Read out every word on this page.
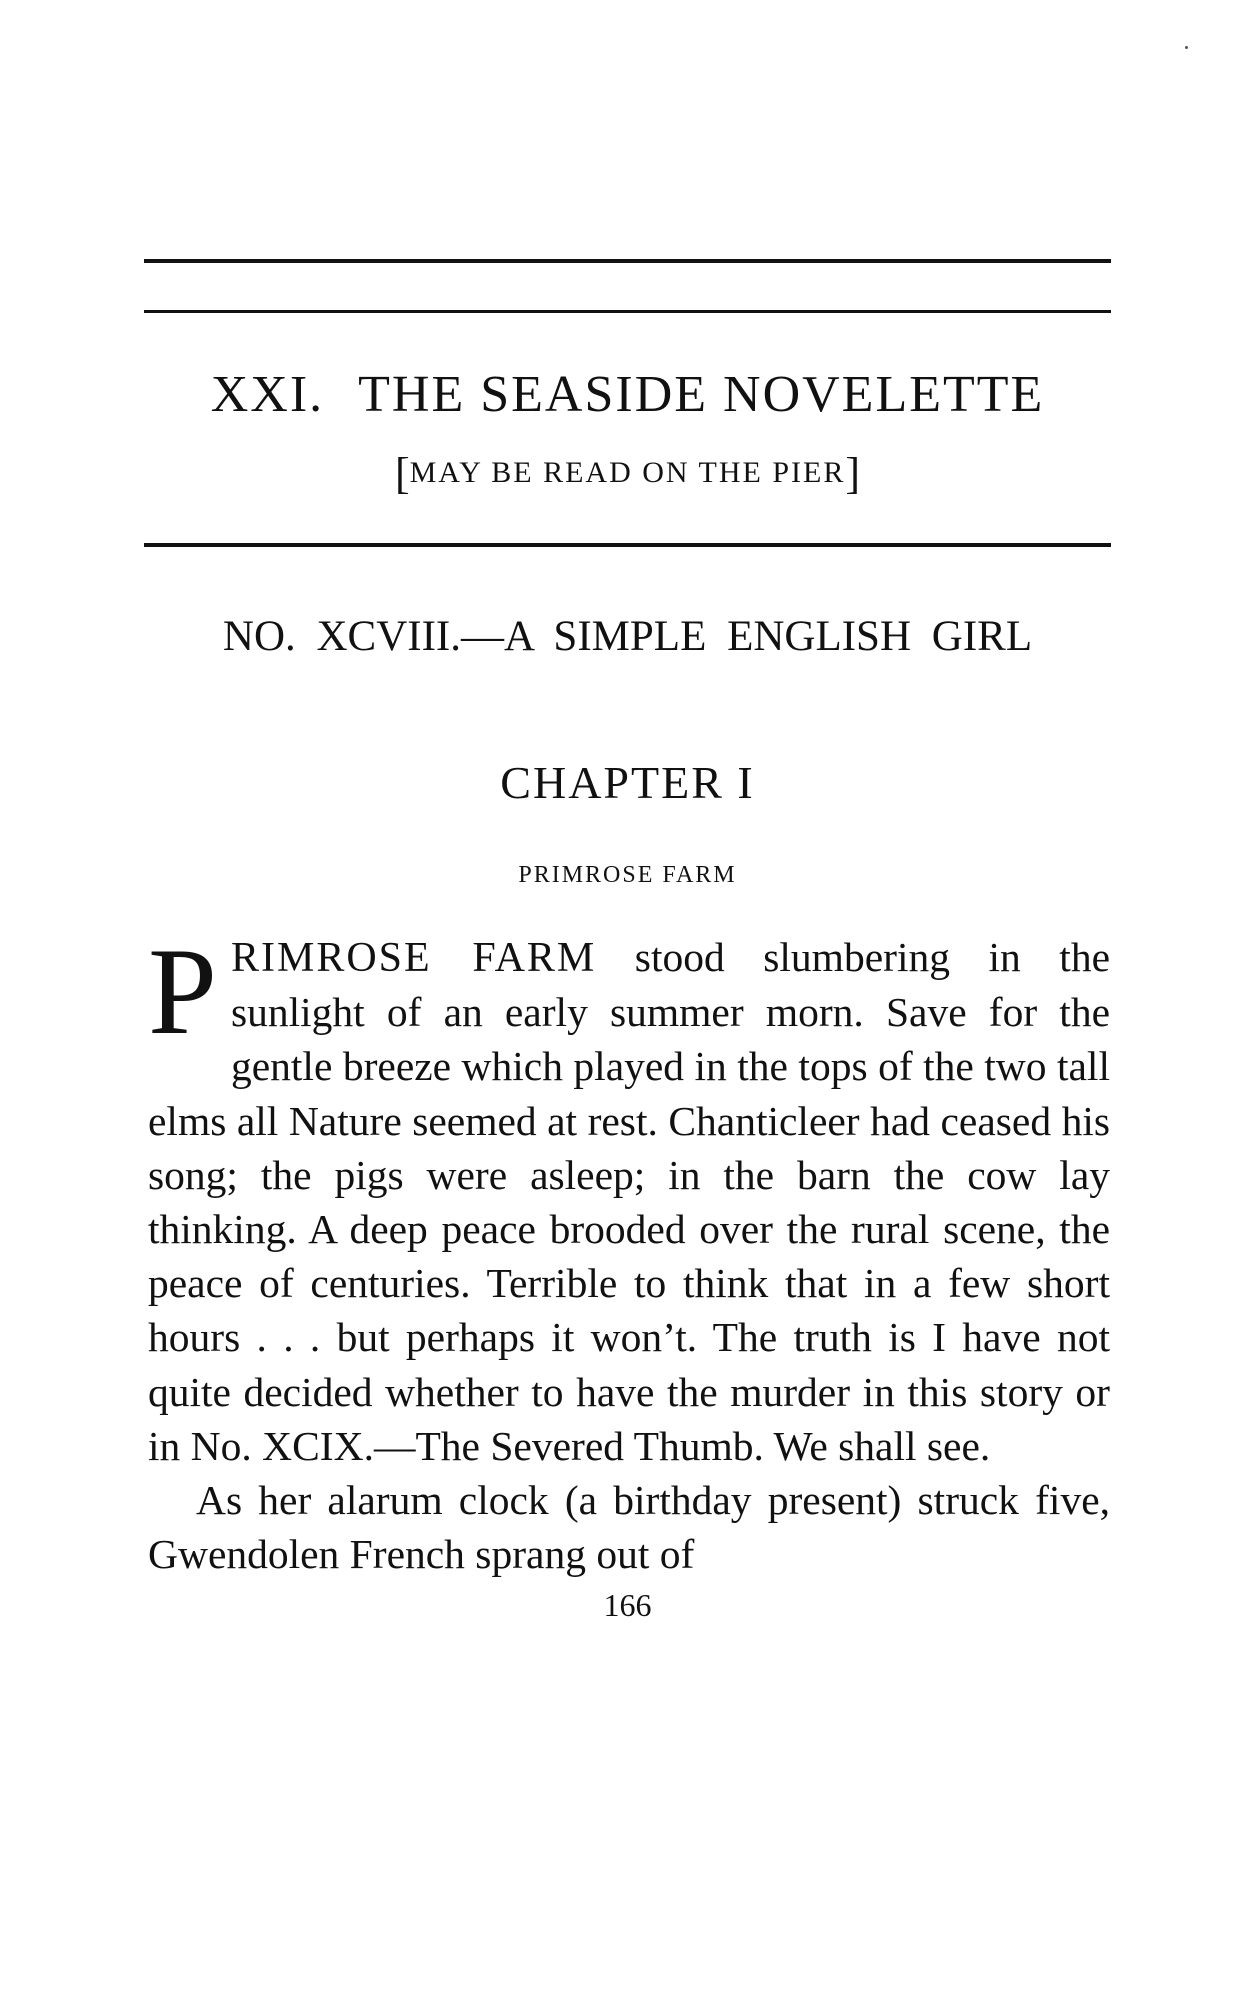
XXI. THE SEASIDE NOVELETTE
[MAY BE READ ON THE PIER]
NO. XCVIII.—A SIMPLE ENGLISH GIRL
CHAPTER I
PRIMROSE FARM

PRIMROSE FARM stood slumbering in the sunlight of an early summer morn. Save for the gentle breeze which played in the tops of the two tall elms all Nature seemed at rest. Chanticleer had ceased his song; the pigs were asleep; in the barn the cow lay thinking. A deep peace brooded over the rural scene, the peace of centuries. Terrible to think that in a few short hours . . . but perhaps it won’t. The truth is I have not quite decided whether to have the murder in this story or in No. XCIX.—The Severed Thumb. We shall see.

As her alarum clock (a birthday present) struck five, Gwendolen French sprang out of

166
